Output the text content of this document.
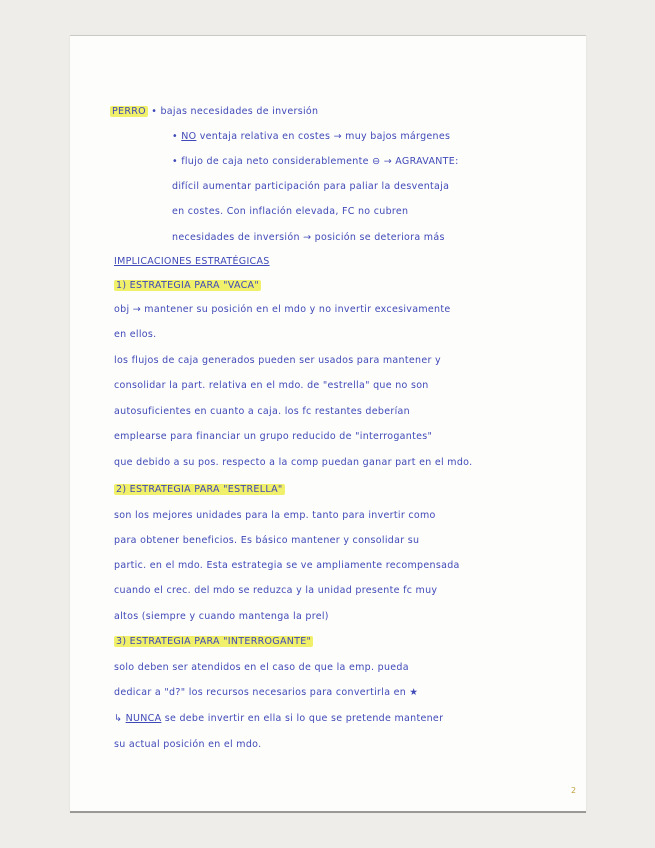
PERRO • bajas necesidades de inversión
• NO ventaja relativa en costes → muy bajos márgenes
• flujo de caja neto considerablemente ⊖ → AGRAVANTE:
difícil aumentar participación para paliar la desventaja
en costes. Con inflación elevada, FC no cubren
necesidades de inversión → posición se deteriora más
IMPLICACIONES ESTRATÉGICAS
1) ESTRATEGIA PARA "VACA"
obj → mantener su posición en el mdo y no invertir excesivamente
en ellos.
los flujos de caja generados pueden ser usados para mantener y
consolidar la part. relativa en el mdo. de "estrella" que no son
autosuficientes en cuanto a caja. los fc restantes deberían
emplearse para financiar un grupo reducido de "interrogantes"
que debido a su pos. respecto a la comp puedan ganar part en el mdo.
2) ESTRATEGIA PARA "ESTRELLA"
son los mejores unidades para la emp. tanto para invertir como
para obtener beneficios. Es básico mantener y consolidar su
partic. en el mdo. Esta estrategia se ve ampliamente recompensada
cuando el crec. del mdo se reduzca y la unidad presente fc muy
altos (siempre y cuando mantenga la prel)
3) ESTRATEGIA PARA "INTERROGANTE"
solo deben ser atendidos en el caso de que la emp. pueda
dedicar a "d?" los recursos necesarios para convertirla en ★
↳ NUNCA se debe invertir en ella si lo que se pretende mantener
su actual posición en el mdo.
2
